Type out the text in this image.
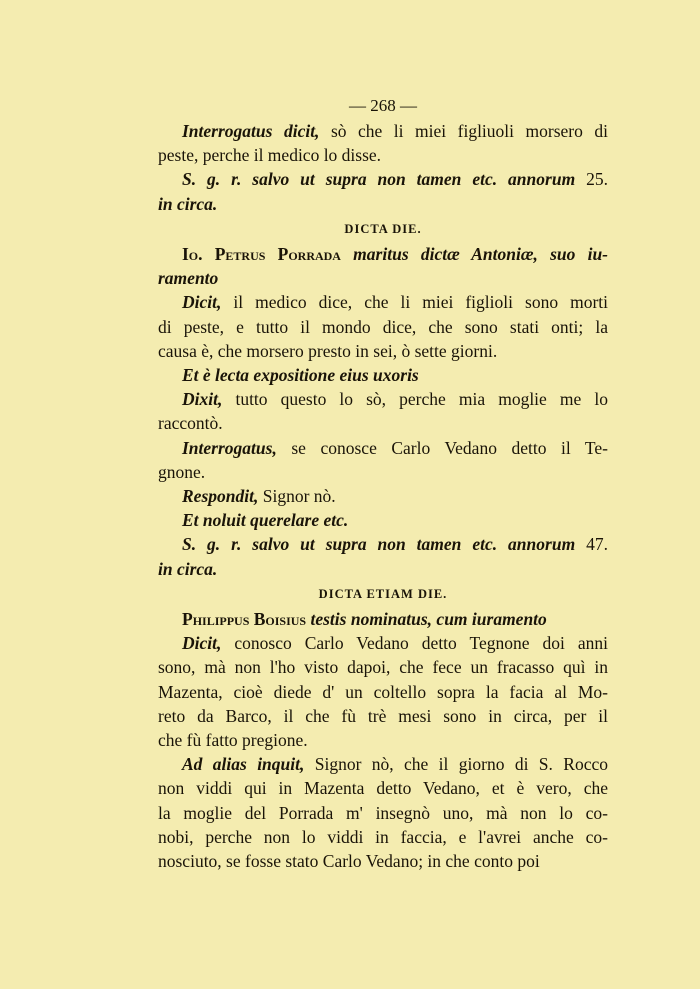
— 268 —
Interrogatus dicit, sò che li miei figliuoli morsero di
peste, perche il medico lo disse.
S. g. r. salvo ut supra non tamen etc. annorum 25.
in circa.
DICTA DIE.
Io. Petrus Porrada maritus dictæ Antoniæ, suo iu-
ramento
Dicit, il medico dice, che li miei figlioli sono morti
di peste, e tutto il mondo dice, che sono stati onti; la
causa è, che morsero presto in sei, ò sette giorni.
Et è lecta expositione eius uxoris
Dixit, tutto questo lo sò, perche mia moglie me lo
raccontò.
Interrogatus, se conosce Carlo Vedano detto il Te-
gnone.
Respondit, Signor nò.
Et noluit querelare etc.
S. g. r. salvo ut supra non tamen etc. annorum 47.
in circa.
DICTA ETIAM DIE.
Philippus Boisius testis nominatus, cum iuramento
Dicit, conosco Carlo Vedano detto Tegnone doi anni
sono, mà non l'ho visto dapoi, che fece un fracasso quì in
Mazenta, cioè diede d' un coltello sopra la facia al Mo-
reto da Barco, il che fù trè mesi sono in circa, per il
che fù fatto pregione.
Ad alias inquit, Signor nò, che il giorno di S. Rocco
non viddi qui in Mazenta detto Vedano, et è vero, che
la moglie del Porrada m' insegnò uno, mà non lo co-
nobi, perche non lo viddi in faccia, e l'avrei anche co-
nosciuto, se fosse stato Carlo Vedano; in che conto poi
